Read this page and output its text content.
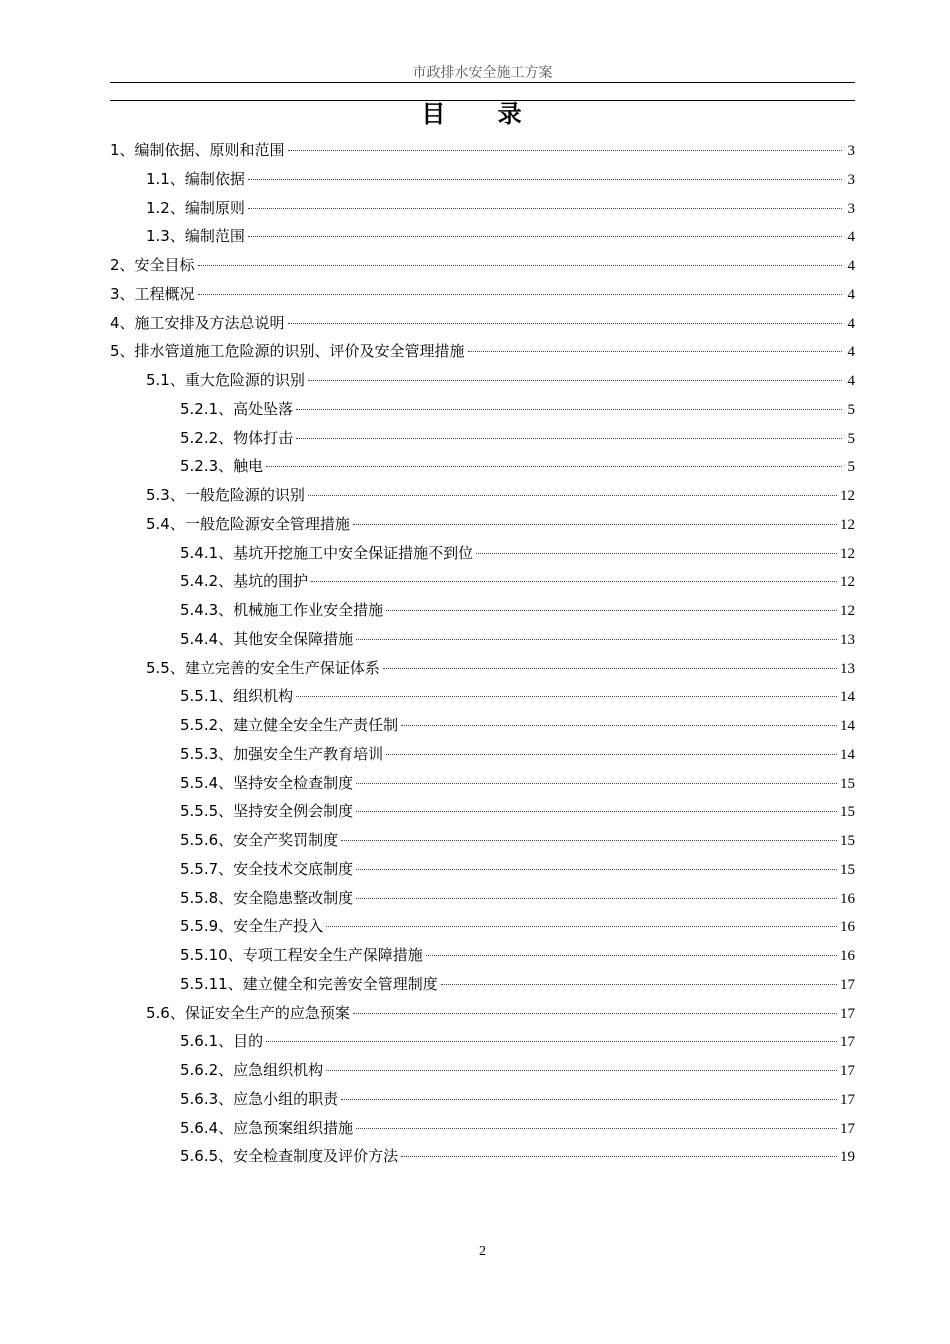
市政排水安全施工方案
目 录
1、编制依据、原则和范围	3
1.1、编制依据	3
1.2、编制原则	3
1.3、编制范围	4
2、安全目标	4
3、工程概况	4
4、施工安排及方法总说明	4
5、排水管道施工危险源的识别、评价及安全管理措施	4
5.1、重大危险源的识别	4
5.2.1、高处坠落	5
5.2.2、物体打击	5
5.2.3、触电	5
5.3、一般危险源的识别	12
5.4、一般危险源安全管理措施	12
5.4.1、基坑开挖施工中安全保证措施不到位	12
5.4.2、基坑的围护	12
5.4.3、机械施工作业安全措施	12
5.4.4、其他安全保障措施	13
5.5、建立完善的安全生产保证体系	13
5.5.1、组织机构	14
5.5.2、建立健全安全生产责任制	14
5.5.3、加强安全生产教育培训	14
5.5.4、坚持安全检查制度	15
5.5.5、坚持安全例会制度	15
5.5.6、安全产奖罚制度	15
5.5.7、安全技术交底制度	15
5.5.8、安全隐患整改制度	16
5.5.9、安全生产投入	16
5.5.10、专项工程安全生产保障措施	16
5.5.11、建立健全和完善安全管理制度	17
5.6、保证安全生产的应急预案	17
5.6.1、目的	17
5.6.2、应急组织机构	17
5.6.3、应急小组的职责	17
5.6.4、应急预案组织措施	17
5.6.5、安全检查制度及评价方法	19
2
